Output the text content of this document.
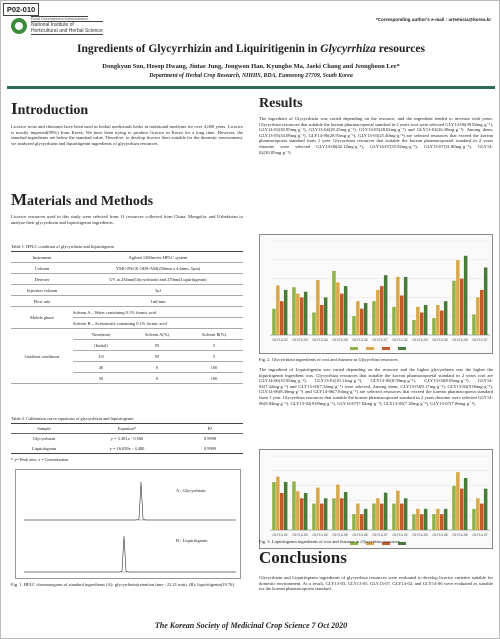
P02-010
Rural Development Administration
National Institute of
Horticultural and Herbal Science
*Corresponding author's e-mail : artemisia@korea.kr
Ingredients of Glycyrrhizin and Liquiritigenin in Glycyrrhiza resources
Dongkyun Son, Hosop Hwang, Jintae Jung, Jongwon Han, Kyungho Ma, Jaeki Chang and Jeonghoon Lee*
Department of Herbal Crop Research, NIHHS, RDA, Eumseong 27709, South Korea
Introduction

Licorice roots and rhizomes have been used as herbal medicinals herbs in traditional medicine for over 4,000 years. Licorice is mostly imported(99%) from Korea. We have been trying to produce licorice in Korea for a long time. However, the standard ingredients are below the standard value. Therefore, to develop licorice lines suitable for the domestic environment, we analyzed glycyrrhizin and liquiritigenin ingredients of glycyrrhiza resources.

Materials and Methods

Licorice resources used in this study were selected from 11 resources collected from China, Mongolia, and Uzbekistan to analyze their glycyrrhizin and liquiritigenin ingredients.

Table 1. HPLC condition of glycyrrhizin and liquiritigenin
Instrument	Agilent 1260series HPLC system		
Column	YMC-PACK ODS-AM(250mm x 4.6mm, 5μm)		
Detecter	UV at 254nm(Glycyrrhizin) and 270nm(Liquiritigenin)		
Injection volumn	5μl		
Flow rate	1ml/min		
Mobile phase	Solvent A – Water containing 0.1% formic acid		
	Solvent B – Acetonitrile containing 0.1% formic acid		
Gradient conditions	Time(min)	Solvent A(%)	Solvent B(%)
	(Initial)	95	5
	3.0	95	5
	40	0	100
	50	0	100
Table 2. Calibration curve equations of glycyrrhizin and liquiritigenin
Sample	Equation¹⁾	R²
Glycyrrhizin	y = 3.381x - 0.566	0.9998
Liquiritigenin	y = 16.039x - 4.480	0.9999
¹⁾ y= Peak area, x = Concentration
A : Glycyrrhizin
B : Liquiritigenin
Fig. 1. HPLC chromatogram of standard ingredients (A): glycyrrhizin(retention time : 23.21 min), (B): liquiritigenin(19.76)
Results

The ingredient of Glycyrrhizin was varied depending on the resource, and the ingredient tended to increase with years. Glycyrrhiza resources that suitable the korean pharmacopoeial standard in 2 years root were selected GLY14-06(39.82mg·g⁻¹), GLY14-02(30.95mg·g⁻¹), GLY13-04(29.25mg·g⁻¹), GLY13-05(28.02mg·g⁻¹) and GLY13-02(26.38mg·g⁻¹). Among them, GLY13-05(34.08mg·g⁻¹), GLY14-06(28.91mg·g⁻¹), GLY13-03(25.40mg·g⁻¹) are selected resources that exceed the korean pharmacopoeia standard from 1 year. Glycyrrhiza resources that suitable the korean pharmacopoeial standard in 2 years rhizome were selected GLY14-06(42.12mg·g⁻¹), GLY14-07(35.92mg·g⁻¹), GLY13-07(31.80mg·g⁻¹), GLY14-02(30.85mg·g⁻¹).

GLY13-02 GLY13-03 GLY13-04 GLY13-05 GLY13-06 GLY13-07 GLY14-02 GLY14-03 GLY14-05 GLY14-06 GLY14-07
Fig. 2. Glycyrrhizin ingredients of root and rhizome in Glycyrrhiza resources

The ingredient of Liquiritigenin was varied depending on the resource and the higher glycyrrhizin was the higher the liquiritigenin ingredient was. Glycyrrhiza resources that suitable the korean pharmacopoeial standard in 2 years root are GLY14-06(10.95mg·g⁻¹), GLY13-02(10.11mg·g⁻¹), GLY13-05(8.59mg·g⁻¹), GLY13-04(8.03mg·g⁻¹), GLY14-02(7.42mg·g⁻¹) and GLY13-03(7.34mg·g⁻¹) were selected. Among them, GLY13-03(9.17mg·g⁻¹), GLY13-02(9.06mg·g⁻¹), GLY14-06(8.36mg·g⁻¹) and GLY14-06(7.84mg·g⁻¹) are selected resources that exceed the korean pharmacopoeia standard from 1 year. Glycyrrhiza resources that suitable the korean pharmacopoeial standard in 2 years rhizome were selected GLY14-06(9.84mg·g⁻¹), GLY13-02(9.09mg·g⁻¹), GLY14-07(7.82mg·g⁻¹), GLY13-05(7.20mg·g⁻¹), GLY13-07(7.06mg·g⁻¹).

GLY13-02 GLY13-03 GLY13-04 GLY13-05 GLY13-06 GLY13-07 GLY14-02 GLY14-03 GLY14-05 GLY14-06 GLY14-07
Fig. 3. Liquiritigenin ingredients of root and rhizome in Glycyrrhiza resources
Conclusions

Glycyrrhizin and Liquiritigenin ingredients of glycyrrhiza resources were evaluated to develop licorice varieties suitable for domestic environment. As a result, GLY13-03, GLY13-05, GLY13-07, GLY14-02, and GLY14-06 were evaluated as suitable for the korean pharmacopoeia standard.

The Korean Society of Medicinal Crop Science 7 Oct 2020
